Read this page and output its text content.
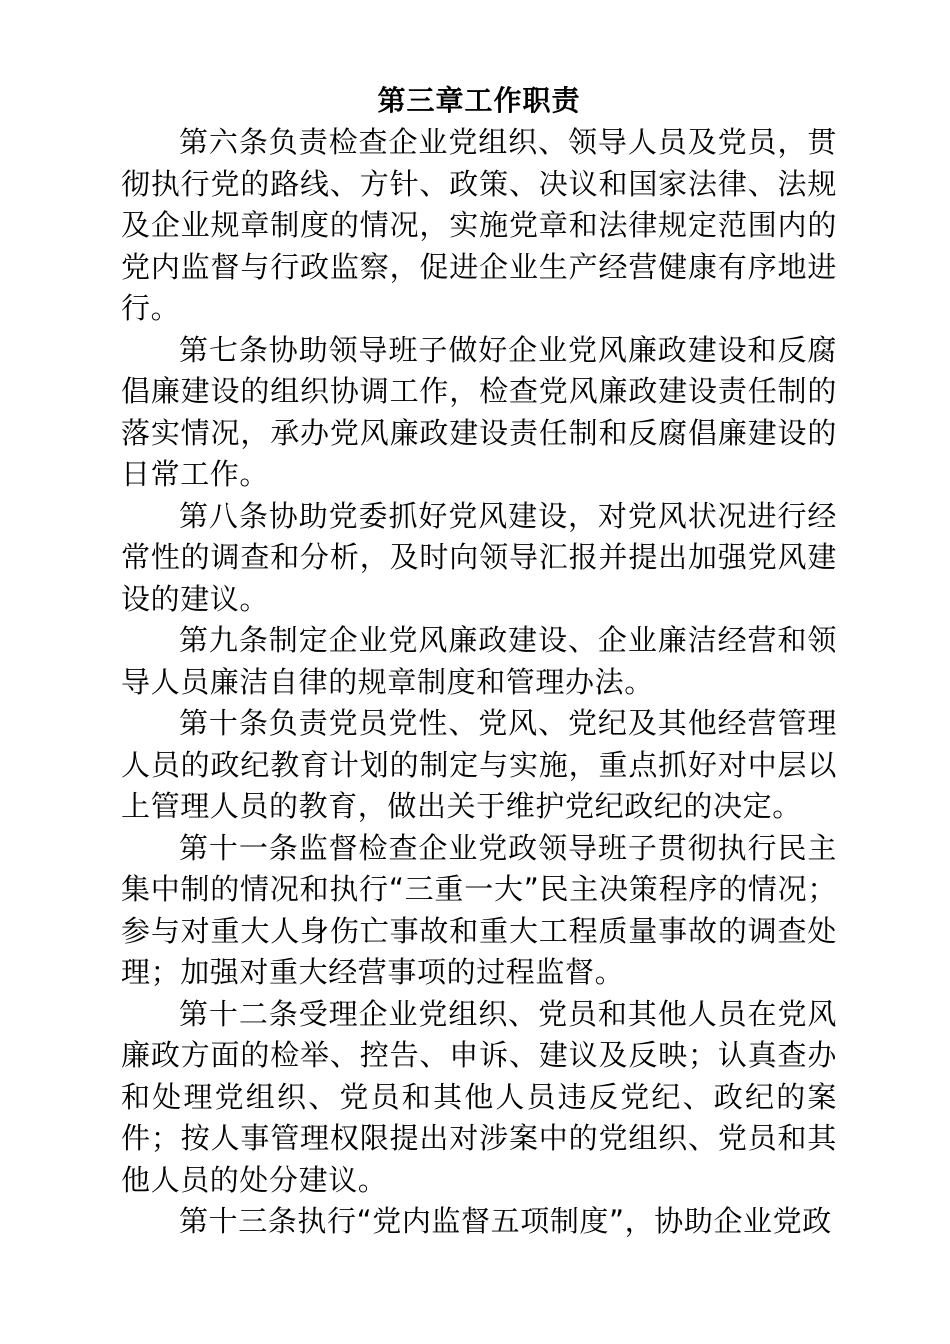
第三章工作职责

第六条负责检查企业党组织、领导人员及党员，贯彻执行党的路线、方针、政策、决议和国家法律、法规及企业规章制度的情况，实施党章和法律规定范围内的党内监督与行政监察，促进企业生产经营健康有序地进行。

第七条协助领导班子做好企业党风廉政建设和反腐倡廉建设的组织协调工作，检查党风廉政建设责任制的落实情况，承办党风廉政建设责任制和反腐倡廉建设的日常工作。

第八条协助党委抓好党风建设，对党风状况进行经常性的调查和分析，及时向领导汇报并提出加强党风建设的建议。

第九条制定企业党风廉政建设、企业廉洁经营和领导人员廉洁自律的规章制度和管理办法。

第十条负责党员党性、党风、党纪及其他经营管理人员的政纪教育计划的制定与实施，重点抓好对中层以上管理人员的教育，做出关于维护党纪政纪的决定。

第十一条监督检查企业党政领导班子贯彻执行民主集中制的情况和执行“三重一大”民主决策程序的情况；参与对重大人身伤亡事故和重大工程质量事故的调查处理；加强对重大经营事项的过程监督。

第十二条受理企业党组织、党员和其他人员在党风廉政方面的检举、控告、申诉、建议及反映；认真查办和处理党组织、党员和其他人员违反党纪、政纪的案件；按人事管理权限提出对涉案中的党组织、党员和其他人员的处分建议。

第十三条执行“党内监督五项制度”，协助企业党政
